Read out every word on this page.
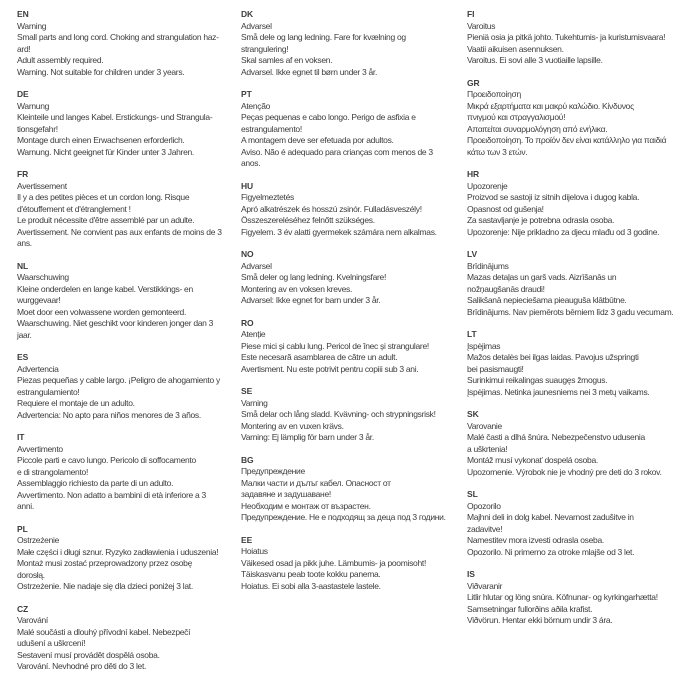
EN
Warning
Small parts and long cord. Choking and strangulation haz-
ard!
Adult assembly required.
Warning. Not suitable for children under 3 years.
DE
Warnung
Kleinteile und langes Kabel. Erstickungs- und Strangula-
tionsgefahr!
Montage durch einen Erwachsenen erforderlich.
Warnung. Nicht geeignet für Kinder unter 3 Jahren.
FR
Avertissement
Il y a des petites pièces et un cordon long. Risque
d'étouffement et d'étranglement !
Le produit nécessite d'être assemblé par un adulte.
Avertissement. Ne convient pas aux enfants de moins de 3
ans.
NL
Waarschuwing
Kleine onderdelen en lange kabel. Verstikkings- en
wurggevaar!
Moet door een volwassene worden gemonteerd.
Waarschuwing. Niet geschikt voor kinderen jonger dan 3
jaar.
ES
Advertencia
Piezas pequeñas y cable largo. ¡Peligro de ahogamiento y
estrangulamiento!
Requiere el montaje de un adulto.
Advertencia: No apto para niños menores de 3 años.
IT
Avvertimento
Piccole parti e cavo lungo. Pericolo di soffocamento
e di strangolamento!
Assemblaggio richiesto da parte di un adulto.
Avvertimento. Non adatto a bambini di età inferiore a 3
anni.
PL
Ostrzeżenie
Małe części i długi sznur. Ryzyko zadławienia i uduszenia!
Montaż musi zostać przeprowadzony przez osobę
dorosłą.
Ostrzeżenie. Nie nadaje się dla dzieci poniżej 3 lat.
CZ
Varování
Malé součásti a dlouhý přívodní kabel. Nebezpečí
udušení a uškrcení!
Sestavení musí provádět dospělá osoba.
Varování. Nevhodné pro děti do 3 let.
DK
Advarsel
Små dele og lang ledning. Fare for kvælning og
strangulering!
Skal samles af en voksen.
Advarsel. Ikke egnet til børn under 3 år.
PT
Atenção
Peças pequenas e cabo longo. Perigo de asfixia e
estrangulamento!
A montagem deve ser efetuada por adultos.
Aviso. Não é adequado para crianças com menos de 3
anos.
HU
Figyelmeztetés
Apró alkatrészek és hosszú zsinór. Fulladásveszély!
Összeszereléséhez felnőtt szükséges.
Figyelem. 3 év alatti gyermekek számára nem alkalmas.
NO
Advarsel
Små deler og lang ledning. Kvelningsfare!
Montering av en voksen kreves.
Advarsel: Ikke egnet for barn under 3 år.
RO
Atenție
Piese mici și cablu lung. Pericol de înec și strangulare!
Este necesară asamblarea de către un adult.
Avertisment. Nu este potrivit pentru copiii sub 3 ani.
SE
Varning
Små delar och lång sladd. Kvävning- och strypningsrisk!
Montering av en vuxen krävs.
Varning: Ej lämplig för barn under 3 år.
BG
Предупреждение
Малки части и дълъг кабел. Опасност от
задавяне и задушаване!
Необходим е монтаж от възрастен.
Предупреждение. Не е подходящ за деца под 3 години.
EE
Hoiatus
Väikesed osad ja pikk juhe. Lämbumis- ja poomisoht!
Täiskasvanu peab toote kokku panema.
Hoiatus. Ei sobi alla 3-aastastele lastele.
FI
Varoitus
Pieniä osia ja pitkä johto. Tukehtumis- ja kuristumisvaara!
Vaatii aikuisen asennuksen.
Varoitus. Ei sovi alle 3 vuotiaille lapsille.
GR
Προειδοποίηση
Μικρά εξαρτήματα και μακρύ καλώδιο. Κίνδυνος
πνιγμού και στραγγαλισμού!
Απαιτείται συναρμολόγηση από ενήλικα.
Προειδοποίηση. Το προϊόν δεν είναι κατάλληλο για παιδιά
κάτω των 3 ετών.
HR
Upozorenje
Proizvod se sastoji iz sitnih dijelova i dugog kabla.
Opasnost od gušenja!
Za sastavljanje je potrebna odrasla osoba.
Upozorenje: Nije prikladno za djecu mlađu od 3 godine.
LV
Brīdinājums
Mazas detaļas un garš vads. Aizrīšanās un
nožņaugšanās draudi!
Salikšanā nepieciešama pieauguša klātbūtne.
Brīdinājums. Nav piemērots bērniem līdz 3 gadu vecumam.
LT
Įspėjimas
Mažos detalės bei ilgas laidas. Pavojus užspringti
bei pasismaugti!
Surinkimui reikalingas suaugęs žmogus.
Įspėjimas. Netinka jaunesniems nei 3 metų vaikams.
SK
Varovanie
Malé časti a dlhá šnúra. Nebezpečenstvo udusenia
a uškrtenia!
Montáž musí vykonať dospelá osoba.
Upozornenie. Výrobok nie je vhodný pre deti do 3 rokov.
SL
Opozorilo
Majhni deli in dolg kabel. Nevarnost zadušitve in
zadavitve!
Namestitev mora izvesti odrasla oseba.
Opozorilo. Ni primerno za otroke mlajše od 3 let.
IS
Viðvaranir
Litlir hlutar og löng snúra. Köfnunar- og kyrkingarhætta!
Samsetningar fullorðins aðila krafist.
Viðvörun. Hentar ekki börnum undir 3 ára.
